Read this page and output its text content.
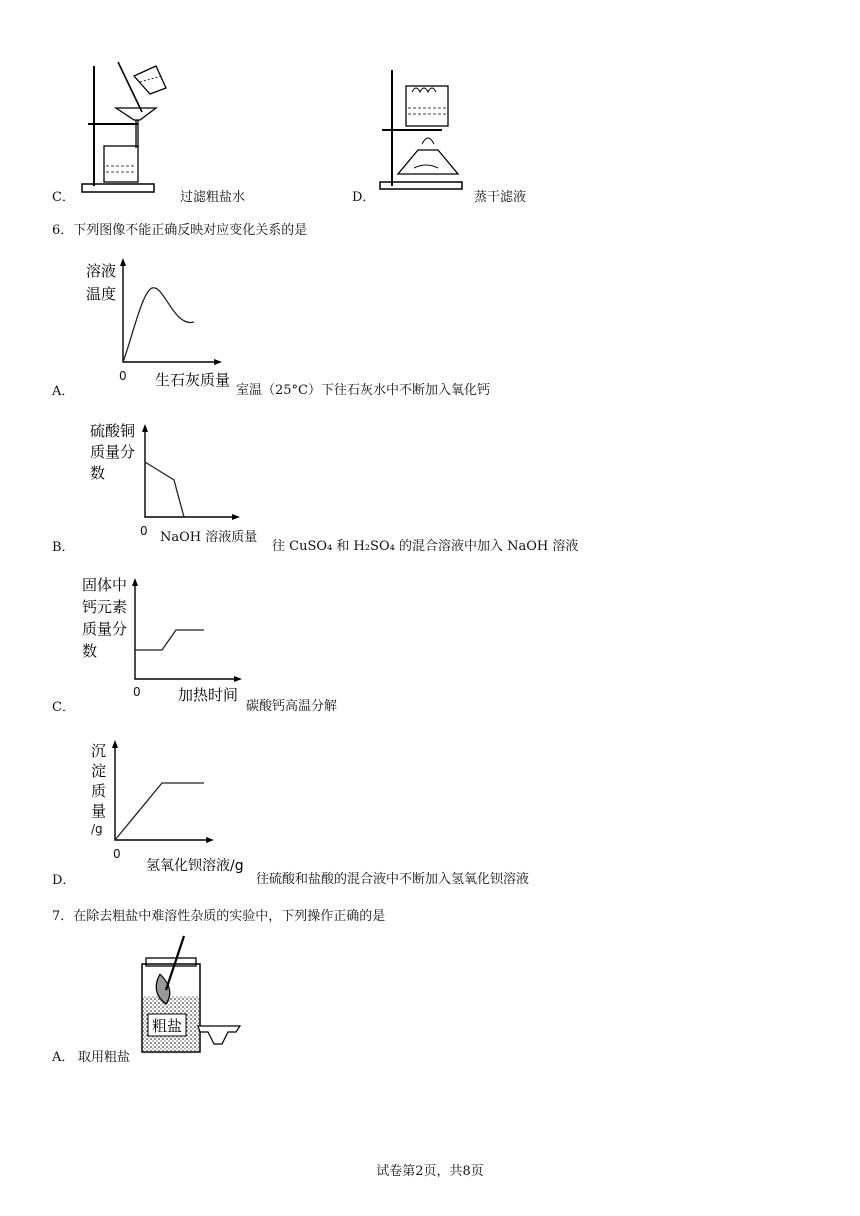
C．	过滤粗盐水	D．	蒸干滤液
6．下列图像不能正确反映对应变化关系的是
溶液
温度
0 生石灰质量
A．	室温（25°C）下往石灰水中不断加入氧化钙
硫酸铜
质量分
数
0 NaOH 溶液质量
B．	往 CuSO₄ 和 H₂SO₄ 的混合溶液中加入 NaOH 溶液
固体中
钙元素
质量分
数
0 加热时间
C．	碳酸钙高温分解
沉
淀
质
量
/g
0
氢氧化钡溶液/g
D．	往硫酸和盐酸的混合液中不断加入氢氧化钡溶液
7．在除去粗盐中难溶性杂质的实验中，下列操作正确的是
粗盐
A． 取用粗盐
试卷第2页，共8页
